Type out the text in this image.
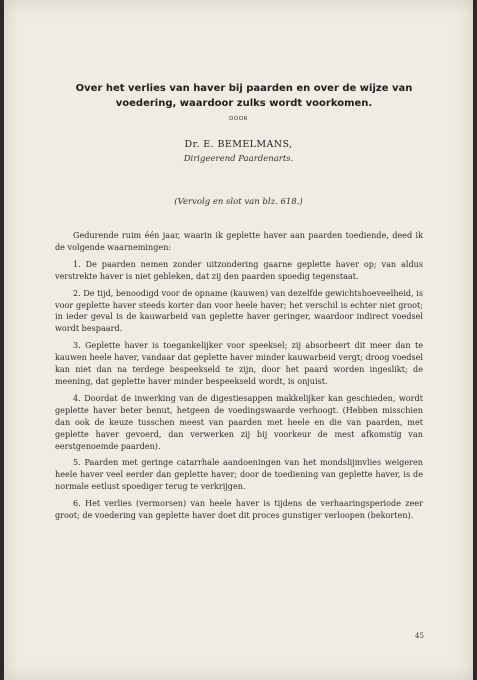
Over het verlies van haver bij paarden en over de wijze van voedering, waardoor zulks wordt voorkomen.
DOOR
Dr. E. BEMELMANS,
Dirigeerend Paardenarts.
(Vervolg en slot van blz. 618.)

Gedurende ruim één jaar, waarin ik geplette haver aan paarden toediende, deed ik de volgende waarnemingen:

1. De paarden nemen zonder uitzondering gaarne geplette haver op; van aldus verstrekte haver is niet gebleken, dat zij den paarden spoedig tegenstaat.

2. De tijd, benoodigd voor de opname (kauwen) van dezelfde gewichtshoeveelheid, is voor geplette haver steeds korter dan voor heele haver; het verschil is echter niet groot; in ieder geval is de kauwarbeid van geplette haver geringer, waardoor indirect voedsel wordt bespaard.

3. Geplette haver is toegankelijker voor speeksel; zij absorbeert dit meer dan te kauwen heele haver, vandaar dat geplette haver minder kauwarbeid vergt; droog voedsel kan niet dan na terdege bespeekseld te zijn, door het paard worden ingeslikt; de meening, dat geplette haver minder bespeekseld wordt, is onjuist.

4. Doordat de inwerking van de digestiesappen makkelijker kan geschieden, wordt geplette haver beter benut, hetgeen de voedingswaarde verhoogt. (Hebben misschien dan ook de keuze tusschen meest van paarden met heele en die van paarden, met geplette haver gevoerd, dan verwerken zij bij voorkeur de mest afkomstig van eerstgenoemde paarden).

5. Paarden met geringe catarrhale aandoeningen van het mondslijmvlies weigeren heele haver veel eerder dan geplette haver; door de toediening van geplette haver, is de normale eetlust spoediger terug te verkrijgen.

6. Het verlies (vermorsen) van heele haver is tijdens de verhaaringsperiode zeer groot; de voedering van geplette haver doet dit proces gunstiger verloopen (bekorten).

45
